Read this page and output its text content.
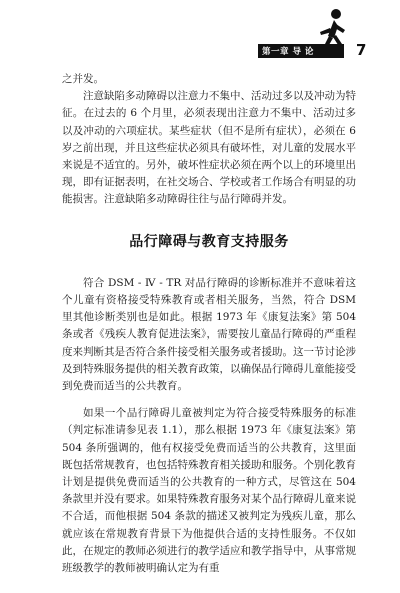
第一章 导 论	7

之并发。

注意缺陷多动障碍以注意力不集中、活动过多以及冲动为特征。在过去的 6 个月里，必须表现出注意力不集中、活动过多以及冲动的六项症状。某些症状（但不是所有症状），必须在 6 岁之前出现，并且这些症状必须具有破坏性，对儿童的发展水平来说是不适宜的。另外，破坏性症状必须在两个以上的环境里出现，即有证据表明，在社交场合、学校或者工作场合有明显的功能损害。注意缺陷多动障碍往往与品行障碍并发。

品行障碍与教育支持服务

符合 DSM - Ⅳ - TR 对品行障碍的诊断标准并不意味着这个儿童有资格接受特殊教育或者相关服务，当然，符合 DSM 里其他诊断类别也是如此。根据 1973 年《康复法案》第 504 条或者《残疾人教育促进法案》，需要按儿童品行障碍的严重程度来判断其是否符合条件接受相关服务或者援助。这一节讨论涉及到特殊服务提供的相关教育政策，以确保品行障碍儿童能接受到免费而适当的公共教育。

如果一个品行障碍儿童被判定为符合接受特殊服务的标准（判定标准请参见表 1.1），那么根据 1973 年《康复法案》第 504 条所强调的，他有权接受免费而适当的公共教育，这里面既包括常规教育，也包括特殊教育相关援助和服务。个别化教育计划是提供免费而适当的公共教育的一种方式，尽管这在 504 条款里并没有要求。如果特殊教育服务对某个品行障碍儿童来说不合适，而他根据 504 条款的描述又被判定为残疾儿童，那么就应该在常规教育背景下为他提供合适的支持性服务。不仅如此，在规定的教师必须进行的教学适应和教学指导中，从事常规班级教学的教师被明确认定为有重
